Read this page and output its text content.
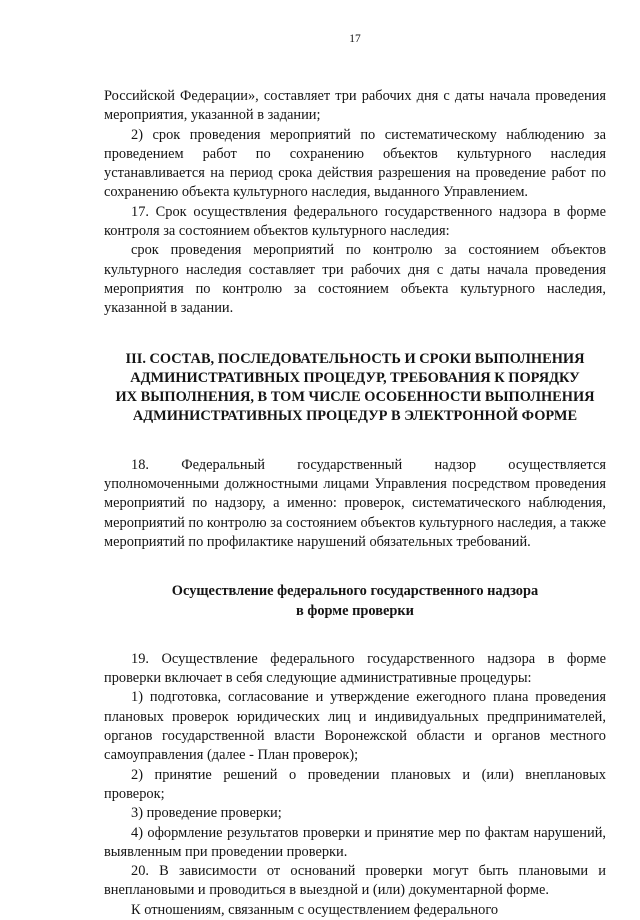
17

Российской Федерации», составляет три рабочих дня с даты начала проведения мероприятия, указанной в задании;

2) срок проведения мероприятий по систематическому наблюдению за проведением работ по сохранению объектов культурного наследия устанавливается на период срока действия разрешения на проведение работ по сохранению объекта культурного наследия, выданного Управлением.

17. Срок осуществления федерального государственного надзора в форме контроля за состоянием объектов культурного наследия:

срок проведения мероприятий по контролю за состоянием объектов культурного наследия составляет три рабочих дня с даты начала проведения мероприятия по контролю за состоянием объекта культурного наследия, указанной в задании.

III. СОСТАВ, ПОСЛЕДОВАТЕЛЬНОСТЬ И СРОКИ ВЫПОЛНЕНИЯ
АДМИНИСТРАТИВНЫХ ПРОЦЕДУР, ТРЕБОВАНИЯ К ПОРЯДКУ
ИХ ВЫПОЛНЕНИЯ, В ТОМ ЧИСЛЕ ОСОБЕННОСТИ ВЫПОЛНЕНИЯ
АДМИНИСТРАТИВНЫХ ПРОЦЕДУР В ЭЛЕКТРОННОЙ ФОРМЕ

18. Федеральный государственный надзор осуществляется уполномоченными должностными лицами Управления посредством проведения мероприятий по надзору, а именно: проверок, систематического наблюдения, мероприятий по контролю за состоянием объектов культурного наследия, а также мероприятий по профилактике нарушений обязательных требований.

Осуществление федерального государственного надзора
в форме проверки

19. Осуществление федерального государственного надзора в форме проверки включает в себя следующие административные процедуры:

1) подготовка, согласование и утверждение ежегодного плана проведения плановых проверок юридических лиц и индивидуальных предпринимателей, органов государственной власти Воронежской области и органов местного самоуправления (далее - План проверок);

2) принятие решений о проведении плановых и (или) внеплановых проверок;

3) проведение проверки;

4) оформление результатов проверки и принятие мер по фактам нарушений, выявленным при проведении проверки.

20. В зависимости от оснований проверки могут быть плановыми и внеплановыми и проводиться в выездной и (или) документарной форме.

К отношениям, связанным с осуществлением федерального
